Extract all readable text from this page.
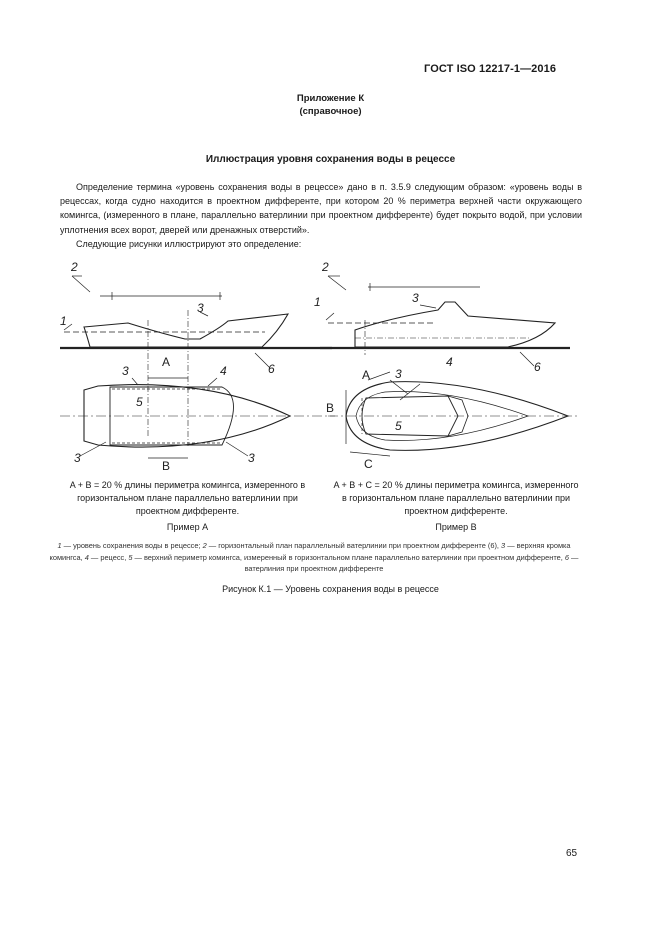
ГОСТ ISO 12217-1—2016
Приложение К
(справочное)
Иллюстрация уровня сохранения воды в рецессе

Определение термина «уровень сохранения воды в рецессе» дано в п. 3.5.9 следующим образом: «уровень воды в рецессах, когда судно находится в проектном дифференте, при котором 20 % периметра верхней части окружающего комингса, (измеренного в плане, параллельно ватерлинии при проектном дифференте) будет покрыто водой, при условии уплотнения всех ворот, дверей или дренажных отверстий».

Следующие рисунки иллюстрируют это определение:

2
1
3
6
3	4
5
3	3
2
1	3
6
3
4
5
A
B
A
B
C
A + B = 20 % длины периметра комингса, измеренного в горизонтальном плане параллельно ватерлинии при проектном дифференте.
A + B + C = 20 % длины периметра комингса, измеренного в горизонтальном плане параллельно ватерлинии при проектном дифференте.
Пример А	Пример В
1 — уровень сохранения воды в рецессе; 2 — горизонтальный план параллельный ватерлинии при проектном дифференте (6), 3 — верхняя кромка комингса, 4 — рецесс, 5 — верхний периметр комингса, измеренный в горизонтальном плане параллельно ватерлинии при проектном дифференте, 6 — ватерлиния при проектном дифференте
Рисунок К.1 — Уровень сохранения воды в рецессе
65
